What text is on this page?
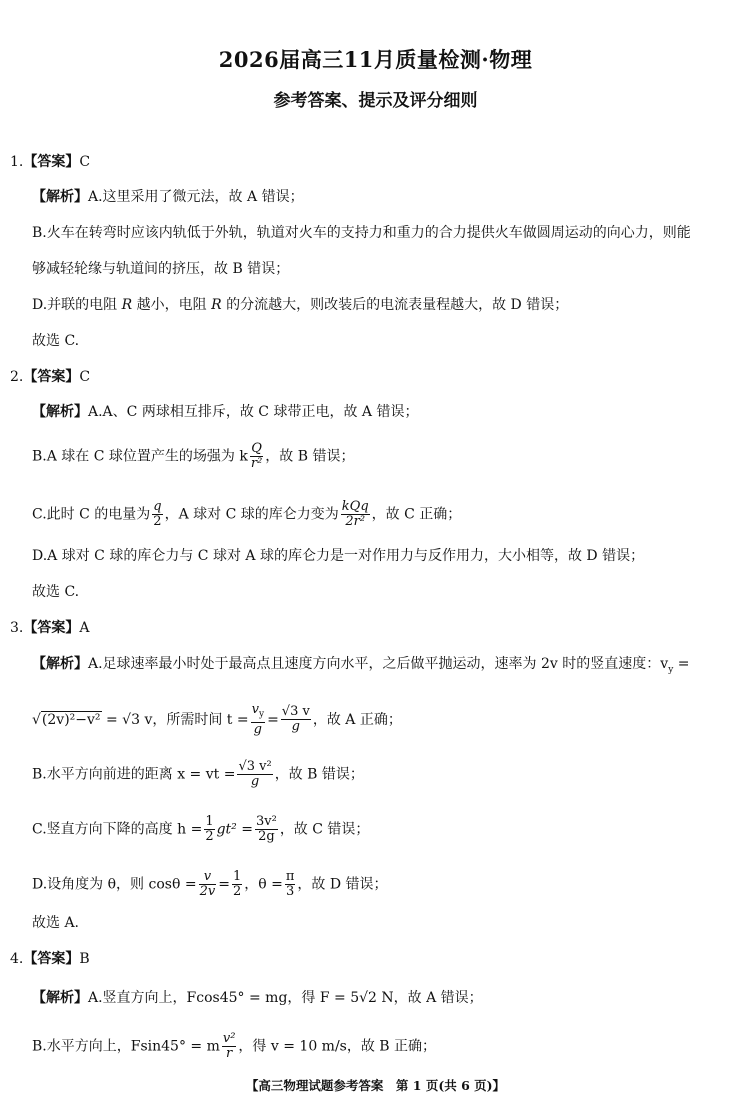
2026届高三11月质量检测·物理
参考答案、提示及评分细则
1.【答案】C
【解析】A.这里采用了微元法，故 A 错误；
B.火车在转弯时应该内轨低于外轨，轨道对火车的支持力和重力的合力提供火车做圆周运动的向心力，则能
够减轻轮缘与轨道间的挤压，故 B 错误；
D.并联的电阻 R 越小，电阻 R 的分流越大，则改装后的电流表量程越大，故 D 错误；
故选 C.
2.【答案】C
【解析】A.A、C 两球相互排斥，故 C 球带正电，故 A 错误；
B.A 球在 C 球位置产生的场强为 k $\frac{Q}{\text{r²}}$ ，故 B 错误；
C.此时 C 的电量为 $\frac{q}{2}$ ，A 球对 C 球的库仑力变为 $\frac{\text{kQq}}{\text{2r²}}$ ，故 C 正确；
D.A 球对 C 球的库仑力与 C 球对 A 球的库仑力是一对作用力与反作用力，大小相等，故 D 错误；
故选 C.
3.【答案】A
【解析】A.足球速率最小时处于最高点且速度方向水平，之后做平抛运动，速率为 2v 时的竖直速度：$v_y$ =
√(2v)²−v² = √3 v，所需时间 $t = \frac{v_y}{g} = \frac{√3 v}{g}$ ，故 A 正确；
B.水平方向前进的距离 x = vt = $\frac{\text{√3 v²}}{g}$ ，故 B 错误；
C.竖直方向下降的高度 $h = \frac{1}{2} gt^2 = \frac{\text{3v²}}{2g}$ ，故 C 错误；
D.设角度为 θ，则 $\cos\theta = \frac{v}{2v} = \frac{1}{2}$ ，$\theta = \frac{\pi}{3}$ ，故 D 错误；
故选 A.
4.【答案】B
【解析】A.竖直方向上，Fcos45° = mg，得 F = 5√2 N，故 A 错误；
B.水平方向上，Fsin45° = m $\frac{\text{v²}}{r}$ ，得 v = 10 m/s，故 B 正确；
【高三物理试题参考答案　第 1 页(共 6 页)】
